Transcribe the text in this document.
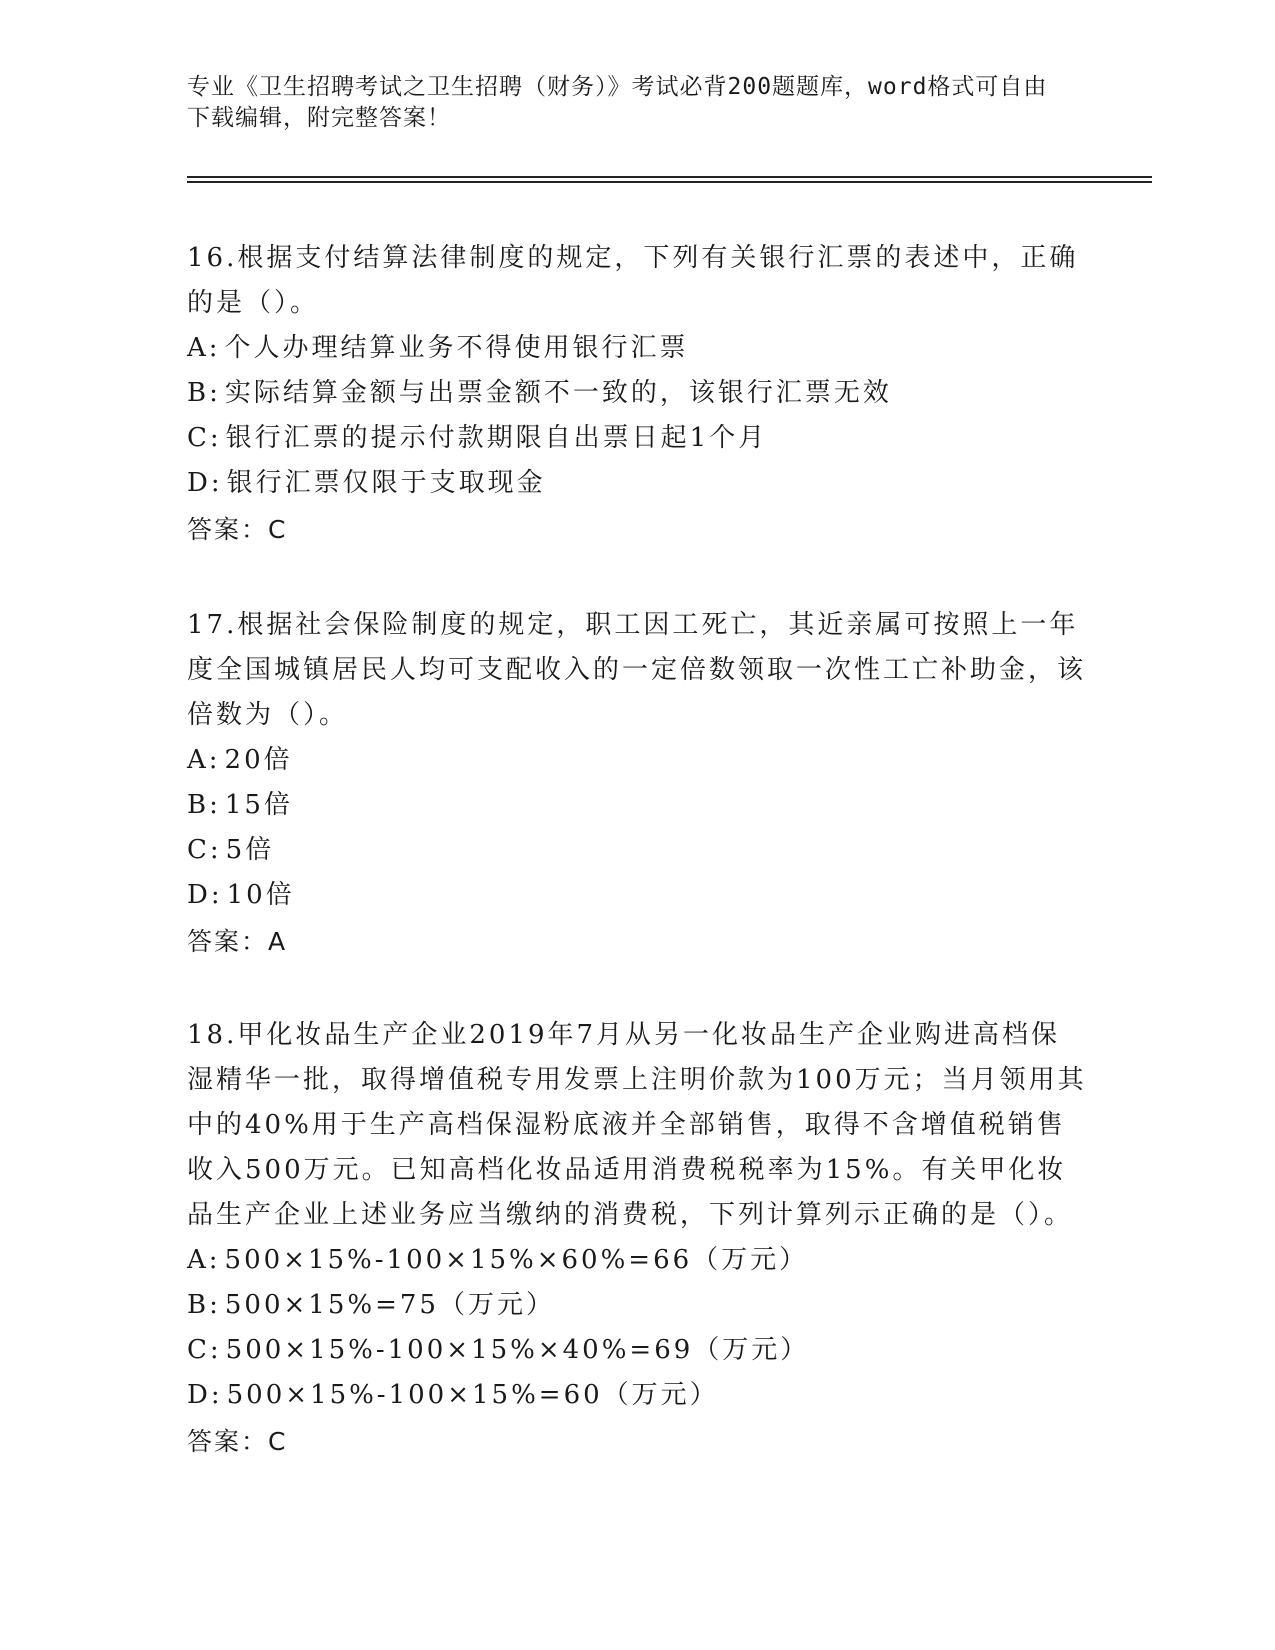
专业《卫生招聘考试之卫生招聘（财务）》考试必背200题题库，word格式可自由下载编辑，附完整答案！

16.根据支付结算法律制度的规定，下列有关银行汇票的表述中，正确的是（）。

A: 个人办理结算业务不得使用银行汇票

B: 实际结算金额与出票金额不一致的，该银行汇票无效

C: 银行汇票的提示付款期限自出票日起1个月

D: 银行汇票仅限于支取现金

答案：C

17.根据社会保险制度的规定，职工因工死亡，其近亲属可按照上一年度全国城镇居民人均可支配收入的一定倍数领取一次性工亡补助金，该倍数为（）。

A: 20倍

B: 15倍

C: 5倍

D: 10倍

答案：A

18.甲化妆品生产企业2019年7月从另一化妆品生产企业购进高档保湿精华一批，取得增值税专用发票上注明价款为100万元；当月领用其中的40%用于生产高档保湿粉底液并全部销售，取得不含增值税销售收入500万元。已知高档化妆品适用消费税税率为15%。有关甲化妆品生产企业上述业务应当缴纳的消费税，下列计算列示正确的是（）。

A: 500×15%-100×15%×60%=66（万元）

B: 500×15%=75（万元）

C: 500×15%-100×15%×40%=69（万元）

D: 500×15%-100×15%=60（万元）

答案：C
